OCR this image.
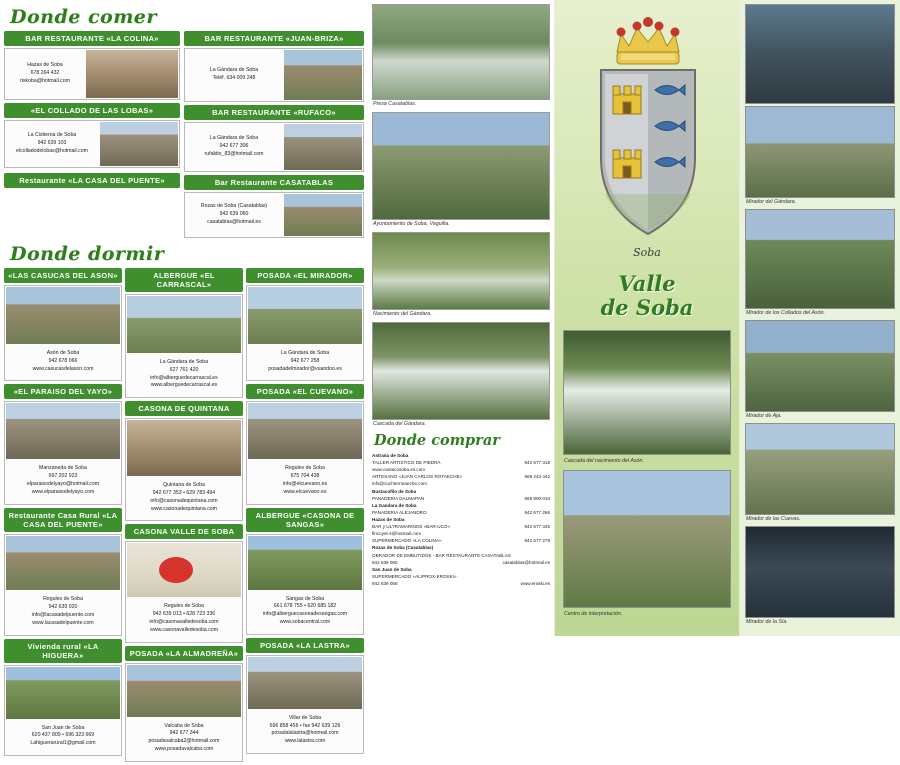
Donde comer
BAR RESTAURANTE «LA COLINA»
Hazas de Soba
678 264 432
riskoba@hotmail.com
«EL COLLADO DE LAS LOBAS»
La Cistierna de Soba
942 639 103
elcolladodelobas@hotmail.com
Restaurante «LA CASA DEL PUENTE»
BAR RESTAURANTE «JUAN-BRIZA»
La Gándara de Soba
Teléf. 634 009 248
BAR RESTAURANTE «RUFACO»
La Gándara de Soba
942 677 306
rufakito_83@hotmail.com
Bar Restaurante CASATABLAS
Rozas de Soba (Casatablas)
942 639 060
casatablas@hotmail.es
Donde dormir
«LAS CASUCAS DEL ASON»
Asón de Soba
942 678 066
www.casucasdelason.com
«EL PARAISO DEL YAYO»
Manzaneda de Soba
697 202 923
elparaisodelyayo@hotmail.com
www.elparaisodelyayo.com
Restaurante Casa Rural «LA CASA DEL PUENTE»
Regules de Soba
942 639 020
info@lacasadelpuente.com
www.lacasadelpuente.com
Vivienda rural «LA HIGUERA»
San Juan de Soba
620 437 809 • 696 323 669
Lahiguerarural1@gmail.com
ALBERGUE «EL CARRASCAL»
La Gándara de Soba
627 761 420
info@alberguedecarrascal.es
www.alberguedecarrascal.es
CASONA DE QUINTANA
Quintana de Soba
942 677 353 • 629 783 494
info@casonadequintana.com
www.casonadequintana.com
CASONA VALLE DE SOBA
Regules de Soba
942 639 013 • 628 723 336
info@casonavalledesoba.com
www.casonavalledesoba.com
POSADA «LA ALMADREÑA»
Valcaba de Soba
942 677 344
posadavalcaba2@hotmail.com
www.posadavalcaba.com
POSADA «EL MIRADOR»
La Gándara de Soba
942 677 258
posadadelmirador@vuandoo.es
POSADA «EL CUEVANO»
Regules de Soba
675 704 438
info@elcuevano.es
www.elcuevano.es
ALBERGUE «CASONA DE SANGAS»
Sangas de Soba
661 678 755 • 620 685 182
info@alberguecasonadesangas.com
www.sobacentral.com
POSADA «LA LASTRA»
Villar de Soba
696 858 456 • fax 942 639 126
posadalalastra@hotmail.com
www.lalastra.com
Presa Casatablas.
Ayuntamiento de Soba, Veguilla.
Nacimiento del Gándara.
Cascada del Gándara.
Donde comprar
Astrana de Soba
TALLER ARTISTICO DE PIEDRA	942 677 318
www.cantacosoba.es.com
ARTESANO «JUAN CARLOS ROTAECHE»	669 243 442
info@cuchterrotaeche.com
Bustacofilo de Soba
PANADERIA DALMAPAN	665 800 010
La Gandara de Soba
PANADERIA ALEJANDRO	942 677 266
Hazas de Soba
BAR y ULTRAMARINOS «BAR-UCO»	942 677 345
fincoyel-4@hotmail.com
SUPERMERCADO «LA COLINA»	942 677 278
Rozas de Soba (Casatablas)
OBRADOR DE EMBUTIDOS - BAR RESTAURANTE CASATABLAS
942 639 060	casatablas@hotmail.es
San Juan de Soba
SUPERMERCADO «ALIPROX-EROSKI»
942 639 058	www.eroski.es
Soba
Valle
de Soba
Cascada del nacimiento del Asón.
Centro de interpretación.
Mirador del Gándara.
Mirador de los Collados del Asón.
Mirador de Aja.
Mirador de las Cuevas.
Mirador de la Sía.
